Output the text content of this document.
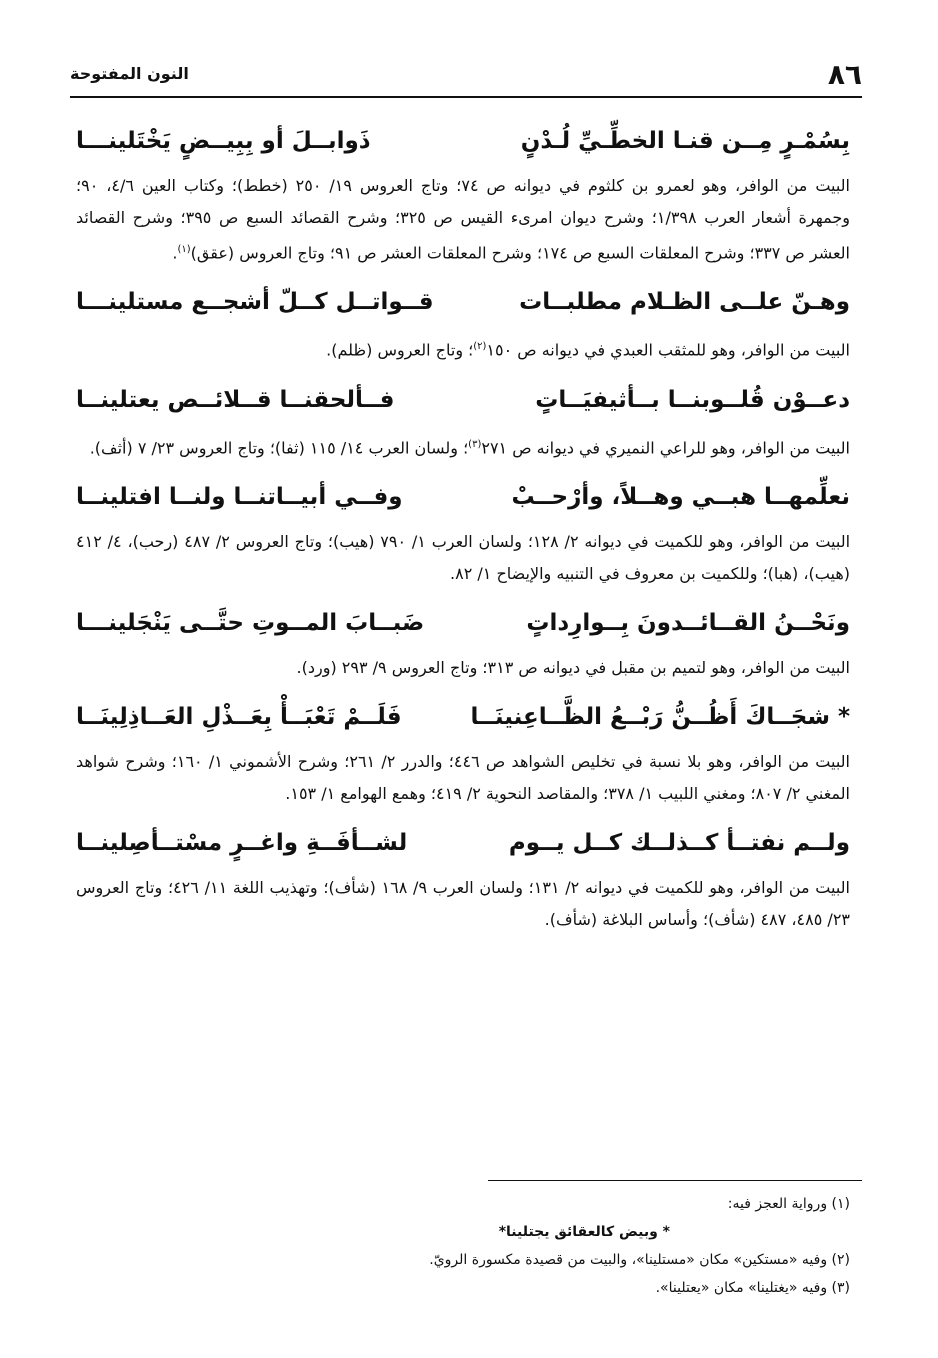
٨٦
النون المفتوحة
بِسُمْـرٍ مِــن قنـا الخطِّـيِّ لُـدْنٍ
ذَوابــلَ أو بِبِيــضٍ يَخْتَلينـــا

البيت من الوافر، وهو لعمرو بن كلثوم في ديوانه ص ٧٤؛ وتاج العروس ١٩/ ٢٥٠ (خطط)؛ وكتاب العين ٤/٦، ٩٠؛ وجمهرة أشعار العرب ١/٣٩٨؛ وشرح ديوان امرىء القيس ص ٣٢٥؛ وشرح القصائد السبع ص ٣٩٥؛ وشرح القصائد العشر ص ٣٣٧؛ وشرح المعلقات السبع ص ١٧٤؛ وشرح المعلقات العشر ص ٩١؛ وتاج العروس (عقق)$^{(١)}$.

وهـنّ علــى الظـلام مطلبــات
قــواتــل كــلّ أشجــع مستلينـــا

البيت من الوافر، وهو للمثقب العبدي في ديوانه ص ١٥٠$^{(٢)}$؛ وتاج العروس (ظلم).

دعــوْن قُلــوبنــا بــأثيفيَــاتٍ
فــألحقنــا قــلائــص يعتلينــا

البيت من الوافر، وهو للراعي النميري في ديوانه ص ٢٧١$^{(٣)}$؛ ولسان العرب ١٤/ ١١٥ (ثفا)؛ وتاج العروس ٢٣/ ٧ (أثف).

نعلِّمهــا هبــي وهــلاً، وأرْحــبْ
وفــي أبيــاتنــا ولنــا افتلينــا

البيت من الوافر، وهو للكميت في ديوانه ٢/ ١٢٨؛ ولسان العرب ١/ ٧٩٠ (هيب)؛ وتاج العروس ٢/ ٤٨٧ (رحب)، ٤/ ٤١٢ (هيب)، (هبا)؛ وللكميت بن معروف في التنبيه والإيضاح ١/ ٨٢.

ونَحْــنُ القــائــدونَ بِــوارِداتٍ
ضَبــابَ المــوتِ حتَّــى يَنْجَلينـــا

البيت من الوافر، وهو لتميم بن مقبل في ديوانه ص ٣١٣؛ وتاج العروس ٩/ ٢٩٣ (ورد).

* شجَــاكَ أَظُــنُّ رَبْــعُ الظَّــاعِنينَــا
فَلَــمْ تَعْبَــأْ بِعَــذْلِ العَــاذِلِينَــا

البيت من الوافر، وهو بلا نسبة في تخليص الشواهد ص ٤٤٦؛ والدرر ٢/ ٢٦١؛ وشرح الأشموني ١/ ١٦٠؛ وشرح شواهد المغني ٢/ ٨٠٧؛ ومغني اللبيب ١/ ٣٧٨؛ والمقاصد النحوية ٢/ ٤١٩؛ وهمع الهوامع ١/ ١٥٣.

ولــم نفتــأ كــذلــك كــل يــوم
لشــأفَــةِ واغــرٍ مسْتــأصِلينــا

البيت من الوافر، وهو للكميت في ديوانه ٢/ ١٣١؛ ولسان العرب ٩/ ١٦٨ (شأف)؛ وتهذيب اللغة ١١/ ٤٢٦؛ وتاج العروس ٢٣/ ٤٨٥، ٤٨٧ (شأف)؛ وأساس البلاغة (شأف).

(١) ورواية العجز فيه:

* وبيض كالعقائق يجتلينا*

(٢) وفيه «مستكين» مكان «مستلينا»، والبيت من قصيدة مكسورة الرويّ.

(٣) وفيه «يغتلينا» مكان «يعتلينا».
